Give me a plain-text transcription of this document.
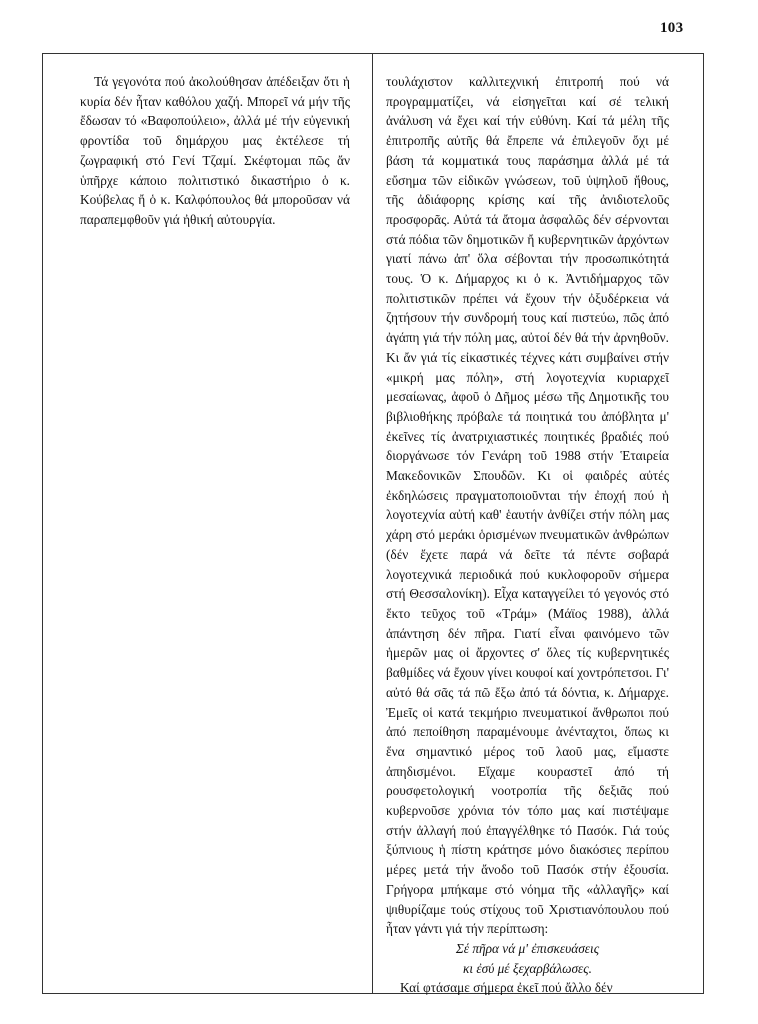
103

Τά γεγονότα πού ἀκολούθησαν ἀπέδειξαν ὅτι ἡ κυρία δέν ἦταν καθόλου χαζή. Μπορεῖ νά μήν τῆς ἔδωσαν τό «Βαφοπούλειο», ἀλλά μέ τήν εὐγενική φροντίδα τοῦ δημάρχου μας ἐκτέλεσε τή ζωγραφική στό Γενί Τζαμί. Σκέφτομαι πῶς ἄν ὑπῆρχε κάποιο πολιτιστικό δικαστήριο ὁ κ. Κούβελας ἤ ὁ κ. Καλφόπουλος θά μποροῦσαν νά παραπεμφθοῦν γιά ἠθική αὐτουργία.

τουλάχιστον καλλιτεχνική ἐπιτροπή πού νά προγραμματίζει, νά εἰσηγεῖται καί σέ τελική ἀνάλυση νά ἔχει καί τήν εὐθύνη. Καί τά μέλη τῆς ἐπιτροπῆς αὐτῆς θά ἔπρεπε νά ἐπιλεγοῦν ὄχι μέ βάση τά κομματικά τους παράσημα ἀλλά μέ τά εὔσημα τῶν εἰδικῶν γνώσεων, τοῦ ὑψηλοῦ ἤθους, τῆς ἀδιάφορης κρίσης καί τῆς ἀνιδιοτελοῦς προσφορᾶς. Αὐτά τά ἄτομα ἀσφαλῶς δέν σέρνονται στά πόδια τῶν δημοτικῶν ἤ κυβερνητικῶν ἀρχόντων γιατί πάνω ἀπ' ὅλα σέβονται τήν προσωπικότητά τους. Ὁ κ. Δήμαρχος κι ὁ κ. Ἀντιδήμαρχος τῶν πολιτιστικῶν πρέπει νά ἔχουν τήν ὀξυδέρκεια νά ζητήσουν τήν συνδρομή τους καί πιστεύω, πῶς ἀπό ἀγάπη γιά τήν πόλη μας, αὐτοί δέν θά τήν ἀρνηθοῦν. Κι ἄν γιά τίς εἰκαστικές τέχνες κάτι συμβαίνει στήν «μικρή μας πόλη», στή λογοτεχνία κυριαρχεῖ μεσαίωνας, ἀφοῦ ὁ Δῆμος μέσω τῆς Δημοτικῆς του βιβλιοθήκης πρόβαλε τά ποιητικά του ἀπόβλητα μ' ἐκεῖνες τίς ἀνατριχιαστικές ποιητικές βραδιές πού διοργάνωσε τόν Γενάρη τοῦ 1988 στήν Ἑταιρεία Μακεδονικῶν Σπουδῶν. Κι οἱ φαιδρές αὐτές ἐκδηλώσεις πραγματοποιοῦνται τήν ἐποχή πού ἡ λογοτεχνία αὐτή καθ' ἑαυτήν ἀνθίζει στήν πόλη μας χάρη στό μεράκι ὁρισμένων πνευματικῶν ἀνθρώπων (δέν ἔχετε παρά νά δεῖτε τά πέντε σοβαρά λογοτεχνικά περιοδικά πού κυκλοφοροῦν σήμερα στή Θεσσαλονίκη). Εἶχα καταγγείλει τό γεγονός στό ἕκτο τεῦχος τοῦ «Τράμ» (Μάϊος 1988), ἀλλά ἀπάντηση δέν πῆρα. Γιατί εἶναι φαινόμενο τῶν ἡμερῶν μας οἱ ἄρχοντες σ' ὅλες τίς κυβερνητικές βαθμίδες νά ἔχουν γίνει κουφοί καί χοντρόπετσοι. Γι' αὐτό θά σᾶς τά πῶ ἔξω ἀπό τά δόντια, κ. Δήμαρχε. Ἐμεῖς οἱ κατά τεκμήριο πνευματικοί ἄνθρωποι πού ἀπό πεποίθηση παραμένουμε ἀνένταχτοι, ὅπως κι ἕνα σημαντικό μέρος τοῦ λαοῦ μας, εἴμαστε ἀπηδισμένοι. Εἴχαμε κουραστεῖ ἀπό τή ρουσφετολογική νοοτροπία τῆς δεξιᾶς πού κυβερνοῦσε χρόνια τόν τόπο μας καί πιστέψαμε στήν ἀλλαγή πού ἐπαγγέλθηκε τό Πασόκ. Γιά τούς ξύπνιους ἡ πίστη κράτησε μόνο διακόσιες περίπου μέρες μετά τήν ἄνοδο τοῦ Πασόκ στήν ἐξουσία. Γρήγορα μπήκαμε στό νόημα τῆς «ἀλλαγῆς» καί ψιθυρίζαμε τούς στίχους τοῦ Χριστιανόπουλου πού ἦταν γάντι γιά τήν περίπτωση:

Σέ πῆρα νά μ' ἐπισκευάσεις

κι ἐσύ μέ ξεχαρβάλωσες.

Καί φτάσαμε σήμερα ἐκεῖ πού ἄλλο δέν
